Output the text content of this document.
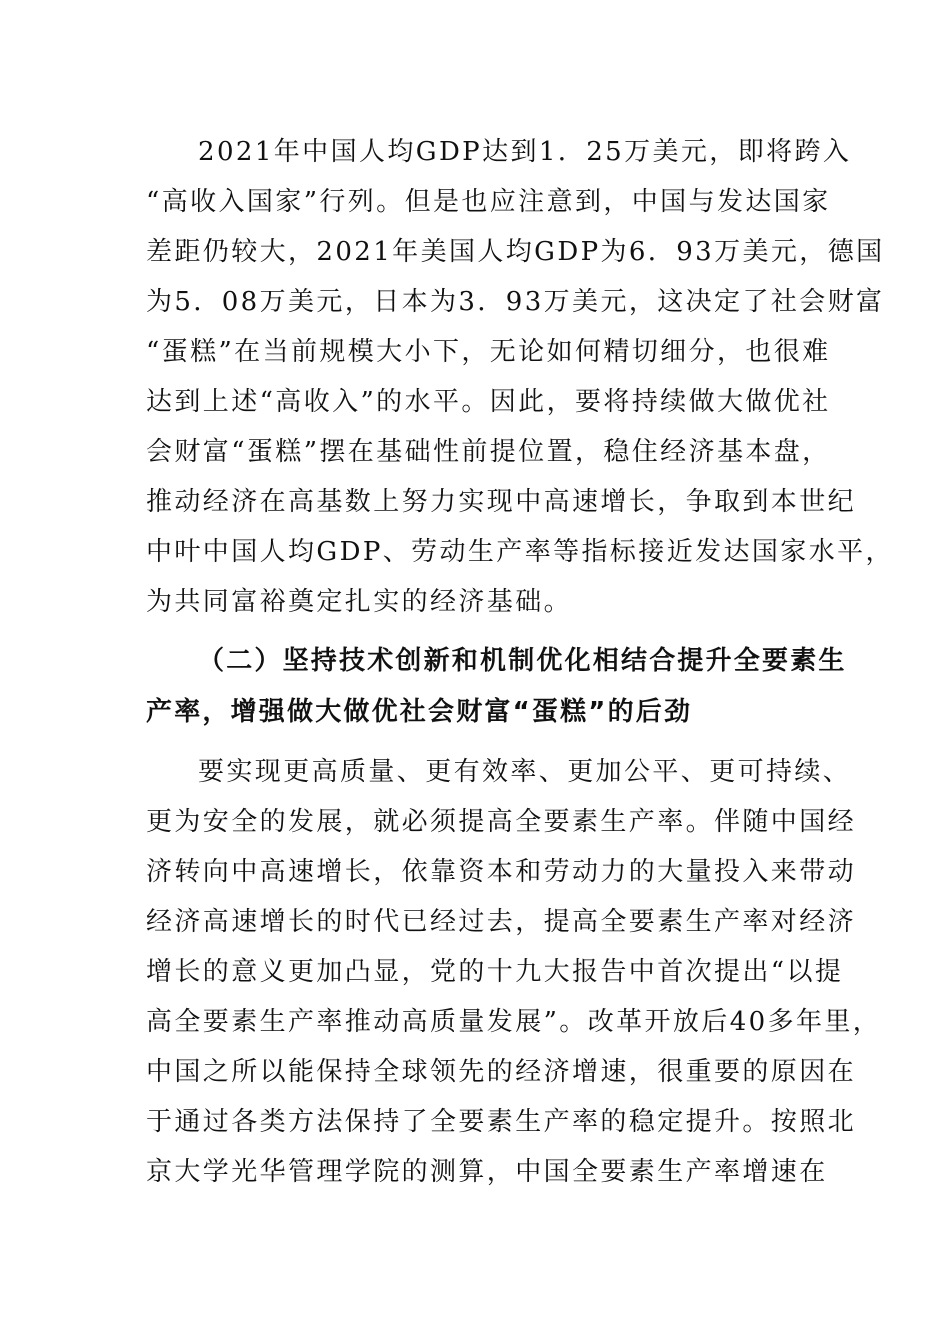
2021年中国人均GDP达到1．25万美元，即将跨入
“高收入国家”行列。但是也应注意到，中国与发达国家
差距仍较大，2021年美国人均GDP为6．93万美元，德国
为5．08万美元，日本为3．93万美元，这决定了社会财富
“蛋糕”在当前规模大小下，无论如何精切细分，也很难
达到上述“高收入”的水平。因此，要将持续做大做优社
会财富“蛋糕”摆在基础性前提位置，稳住经济基本盘，
推动经济在高基数上努力实现中高速增长，争取到本世纪
中叶中国人均GDP、劳动生产率等指标接近发达国家水平，
为共同富裕奠定扎实的经济基础。
（二）坚持技术创新和机制优化相结合提升全要素生
产率，增强做大做优社会财富“蛋糕”的后劲
要实现更高质量、更有效率、更加公平、更可持续、
更为安全的发展，就必须提高全要素生产率。伴随中国经
济转向中高速增长，依靠资本和劳动力的大量投入来带动
经济高速增长的时代已经过去，提高全要素生产率对经济
增长的意义更加凸显，党的十九大报告中首次提出“以提
高全要素生产率推动高质量发展”。改革开放后40多年里，
中国之所以能保持全球领先的经济增速，很重要的原因在
于通过各类方法保持了全要素生产率的稳定提升。按照北
京大学光华管理学院的测算，中国全要素生产率增速在
